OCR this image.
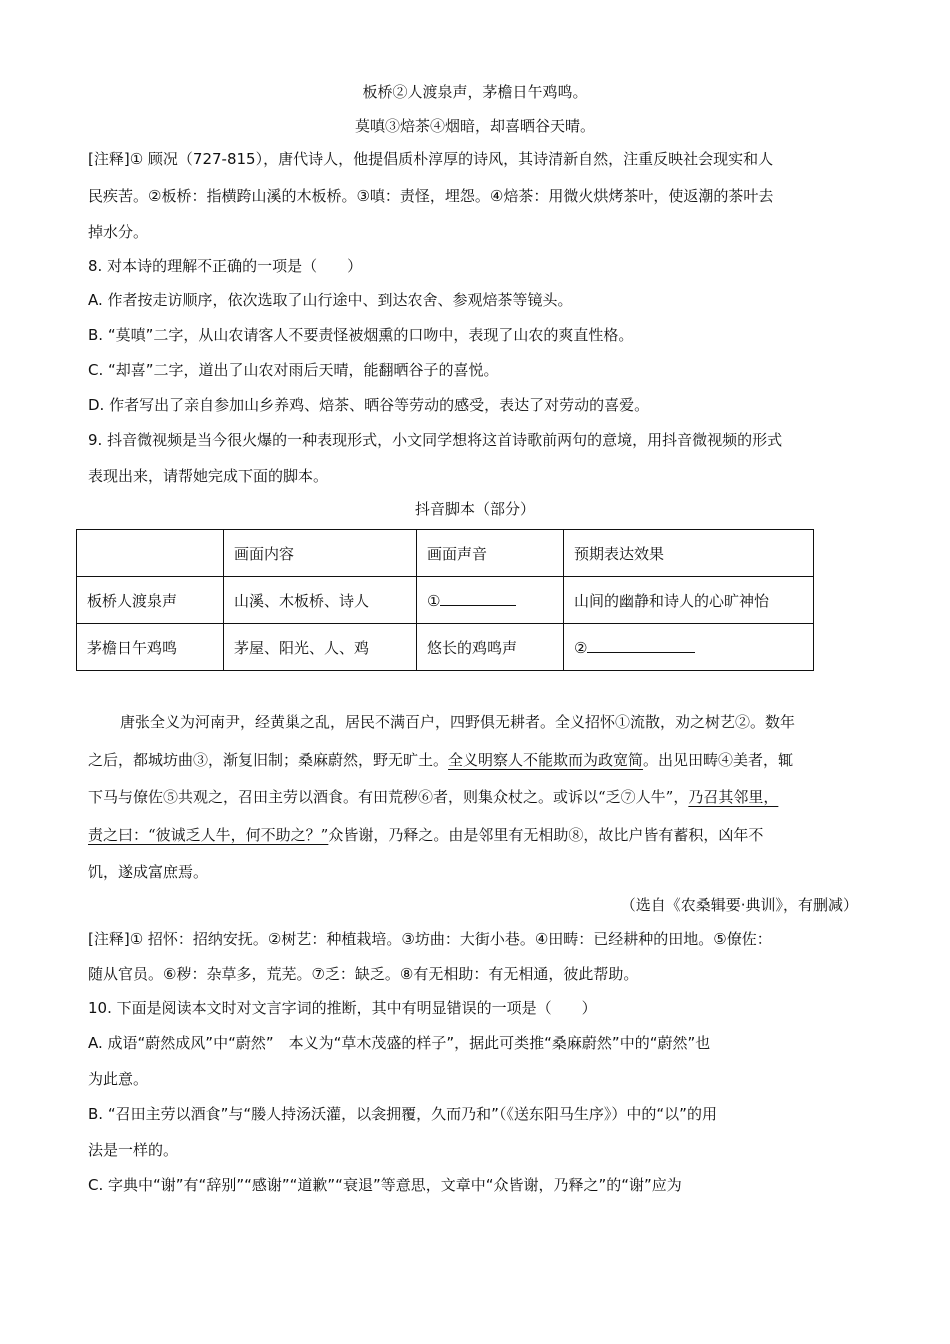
板桥②人渡泉声，茅檐日午鸡鸣。
莫嗔③焙茶④烟暗，却喜晒谷天晴。
[注释]① 顾况（727-815），唐代诗人，他提倡质朴淳厚的诗风，其诗清新自然，注重反映社会现实和人
民疾苦。②板桥：指横跨山溪的木板桥。③嗔：责怪，埋怨。④焙茶：用微火烘烤茶叶，使返潮的茶叶去
掉水分。
8. 对本诗的理解不正确的一项是（　　）
A. 作者按走访顺序，依次选取了山行途中、到达农舍、参观焙茶等镜头。
B. “莫嗔”二字，从山农请客人不要责怪被烟熏的口吻中，表现了山农的爽直性格。
C. “却喜”二字，道出了山农对雨后天晴，能翻晒谷子的喜悦。
D. 作者写出了亲自参加山乡养鸡、焙茶、晒谷等劳动的感受，表达了对劳动的喜爱。
9. 抖音微视频是当今很火爆的一种表现形式，小文同学想将这首诗歌前两句的意境，用抖音微视频的形式
表现出来，请帮她完成下面的脚本。
抖音脚本（部分）
	画面内容	画面声音	预期表达效果
板桥人渡泉声	山溪、木板桥、诗人	①	山间的幽静和诗人的心旷神怡
茅檐日午鸡鸣	茅屋、阳光、人、鸡	悠长的鸡鸣声	②
唐张全义为河南尹，经黄巢之乱，居民不满百户，四野俱无耕者。全义招怀①流散，劝之树艺②。数年
之后，都城坊曲③，渐复旧制；桑麻蔚然，野无旷土。全义明察人不能欺而为政宽简。出见田畴④美者，辄
下马与僚佐⑤共观之，召田主劳以酒食。有田荒秽⑥者，则集众杖之。或诉以“乏⑦人牛”，乃召其邻里，
责之曰：“彼诚乏人牛，何不助之？”众皆谢，乃释之。由是邻里有无相助⑧，故比户皆有蓄积，凶年不
饥，遂成富庶焉。
（选自《农桑辑要·典训》，有删减）
[注释]① 招怀：招纳安抚。②树艺：种植栽培。③坊曲：大街小巷。④田畴：已经耕种的田地。⑤僚佐：
随从官员。⑥秽：杂草多，荒芜。⑦乏：缺乏。⑧有无相助：有无相通，彼此帮助。
10. 下面是阅读本文时对文言字词的推断，其中有明显错误的一项是（　　）
A. 成语“蔚然成风”中“蔚然”　本义为“草木茂盛的样子”，据此可类推“桑麻蔚然”中的“蔚然”也
为此意。
B. “召田主劳以酒食”与“媵人持汤沃灌，以衾拥覆，久而乃和”（《送东阳马生序》）中的“以”的用
法是一样的。
C. 字典中“谢”有“辞别”“感谢”“道歉”“衰退”等意思，文章中“众皆谢，乃释之”的“谢”应为
